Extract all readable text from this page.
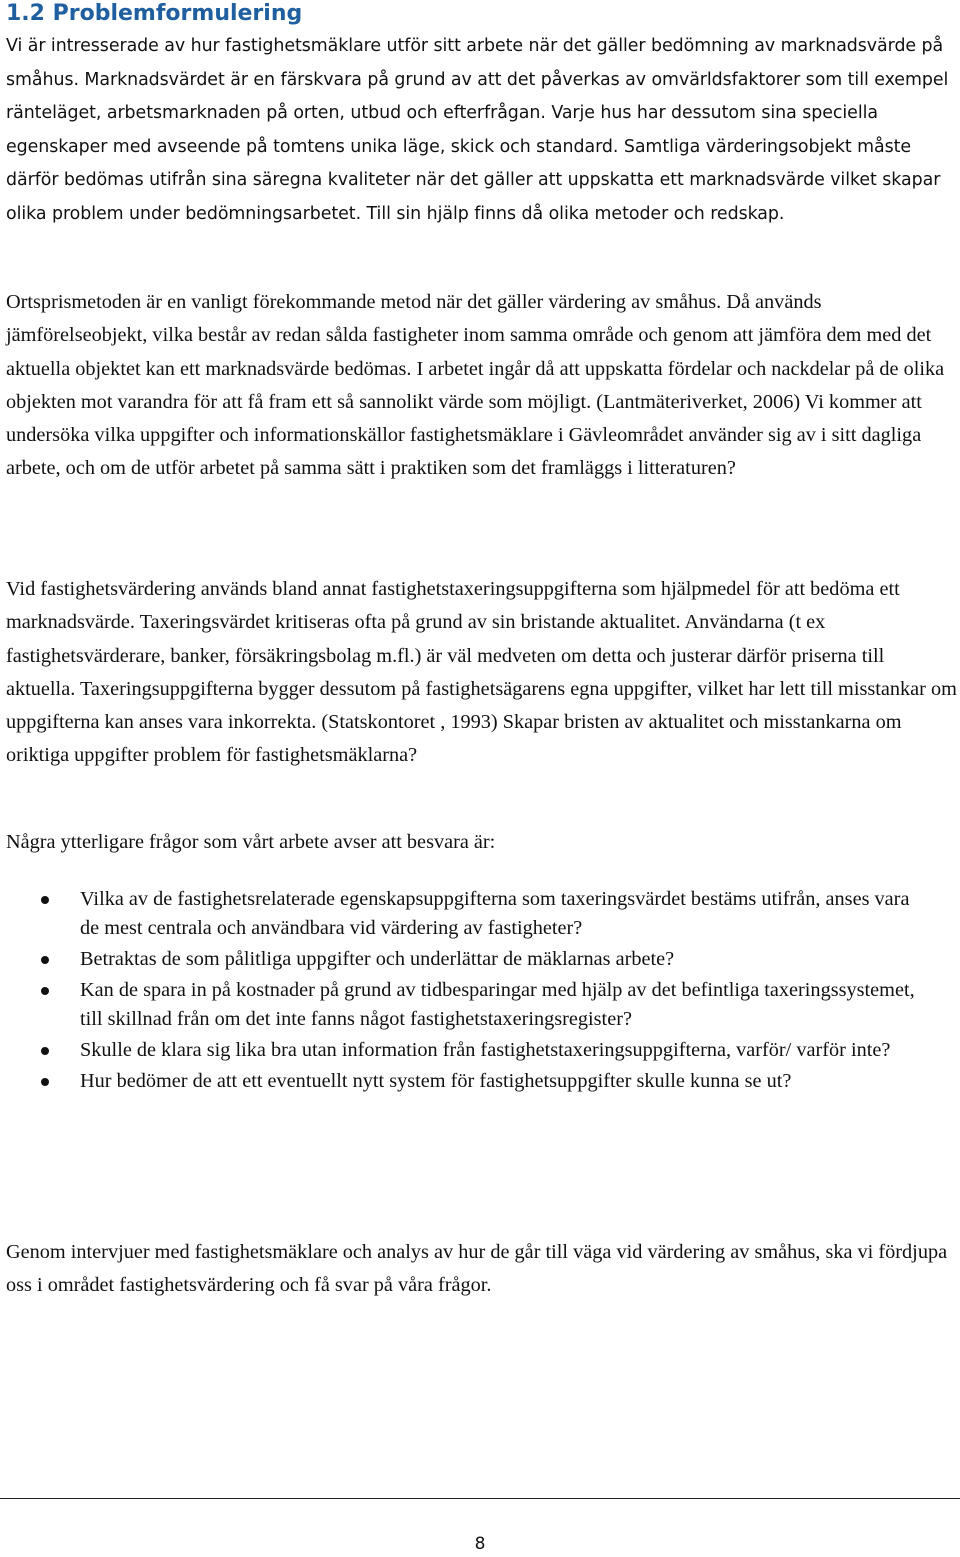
1.2 Problemformulering

Vi är intresserade av hur fastighetsmäklare utför sitt arbete när det gäller bedömning av marknadsvärde på småhus. Marknadsvärdet är en färskvara på grund av att det påverkas av omvärldsfaktorer som till exempel ränteläget, arbetsmarknaden på orten, utbud och efterfrågan. Varje hus har dessutom sina speciella egenskaper med avseende på tomtens unika läge, skick och standard. Samtliga värderingsobjekt måste därför bedömas utifrån sina säregna kvaliteter när det gäller att uppskatta ett marknadsvärde vilket skapar olika problem under bedömningsarbetet. Till sin hjälp finns då olika metoder och redskap.

Ortsprismetoden är en vanligt förekommande metod när det gäller värdering av småhus. Då används jämförelseobjekt, vilka består av redan sålda fastigheter inom samma område och genom att jämföra dem med det aktuella objektet kan ett marknadsvärde bedömas. I arbetet ingår då att uppskatta fördelar och nackdelar på de olika objekten mot varandra för att få fram ett så sannolikt värde som möjligt. (Lantmäteriverket, 2006) Vi kommer att undersöka vilka uppgifter och informationskällor fastighetsmäklare i Gävleområdet använder sig av i sitt dagliga arbete, och om de utför arbetet på samma sätt i praktiken som det framläggs i litteraturen?

Vid fastighetsvärdering används bland annat fastighetstaxeringsuppgifterna som hjälpmedel för att bedöma ett marknadsvärde. Taxeringsvärdet kritiseras ofta på grund av sin bristande aktualitet. Användarna (t ex fastighetsvärderare, banker, försäkringsbolag m.fl.) är väl medveten om detta och justerar därför priserna till aktuella. Taxeringsuppgifterna bygger dessutom på fastighetsägarens egna uppgifter, vilket har lett till misstankar om uppgifterna kan anses vara inkorrekta. (Statskontoret , 1993) Skapar bristen av aktualitet och misstankarna om oriktiga uppgifter problem för fastighetsmäklarna?

Några ytterligare frågor som vårt arbete avser att besvara är:

Vilka av de fastighetsrelaterade egenskapsuppgifterna som taxeringsvärdet bestäms utifrån, anses vara de mest centrala och användbara vid värdering av fastigheter?
Betraktas de som pålitliga uppgifter och underlättar de mäklarnas arbete?
Kan de spara in på kostnader på grund av tidbesparingar med hjälp av det befintliga taxeringssystemet, till skillnad från om det inte fanns något fastighetstaxeringsregister?
Skulle de klara sig lika bra utan information från fastighetstaxeringsuppgifterna, varför/ varför inte?
Hur bedömer de att ett eventuellt nytt system för fastighetsuppgifter skulle kunna se ut?

Genom intervjuer med fastighetsmäklare och analys av hur de går till väga vid värdering av småhus, ska vi fördjupa oss i området fastighetsvärdering och få svar på våra frågor.

8
